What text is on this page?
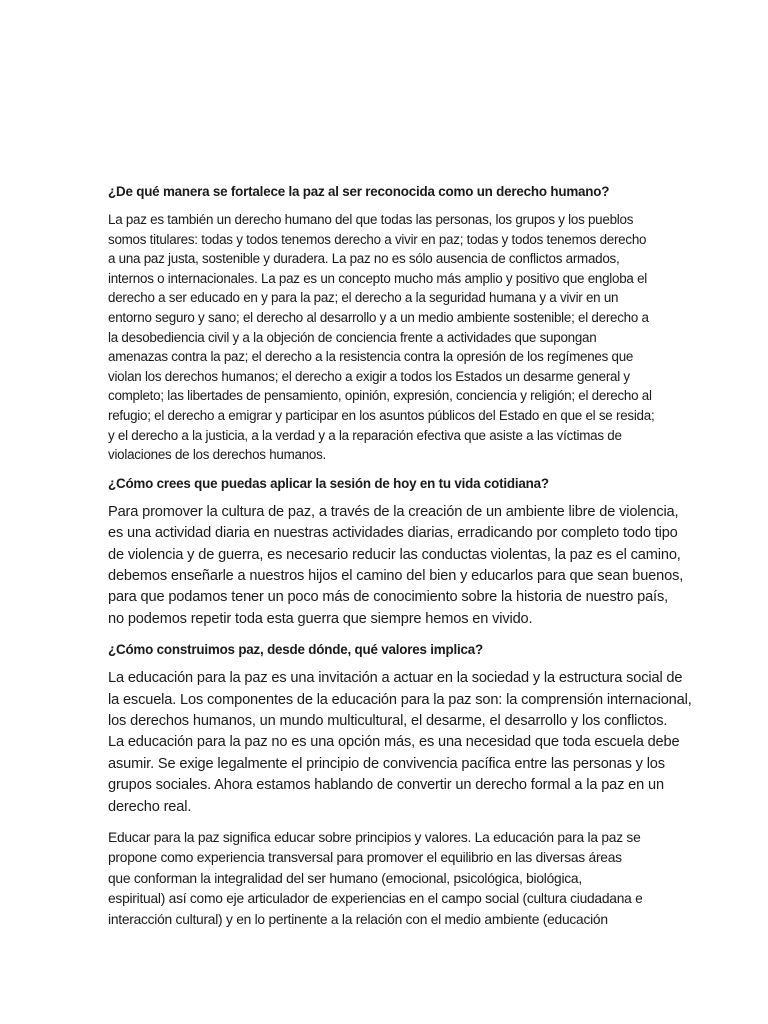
¿De qué manera se fortalece la paz al ser reconocida como un derecho humano?

La paz es también un derecho humano del que todas las personas, los grupos y los pueblos
somos titulares: todas y todos tenemos derecho a vivir en paz; todas y todos tenemos derecho
a una paz justa, sostenible y duradera. La paz no es sólo ausencia de conflictos armados,
internos o internacionales. La paz es un concepto mucho más amplio y positivo que engloba el
derecho a ser educado en y para la paz; el derecho a la seguridad humana y a vivir en un
entorno seguro y sano; el derecho al desarrollo y a un medio ambiente sostenible; el derecho a
la desobediencia civil y a la objeción de conciencia frente a actividades que supongan
amenazas contra la paz; el derecho a la resistencia contra la opresión de los regímenes que
violan los derechos humanos; el derecho a exigir a todos los Estados un desarme general y
completo; las libertades de pensamiento, opinión, expresión, conciencia y religión; el derecho al
refugio; el derecho a emigrar y participar en los asuntos públicos del Estado en que el se resida;
y el derecho a la justicia, a la verdad y a la reparación efectiva que asiste a las víctimas de
violaciones de los derechos humanos.

¿Cómo crees que puedas aplicar la sesión de hoy en tu vida cotidiana?

Para promover la cultura de paz, a través de la creación de un ambiente libre de violencia,
es una actividad diaria en nuestras actividades diarias, erradicando por completo todo tipo
de violencia y de guerra, es necesario reducir las conductas violentas, la paz es el camino,
debemos enseñarle a nuestros hijos el camino del bien y educarlos para que sean buenos,
para que podamos tener un poco más de conocimiento sobre la historia de nuestro país,
no podemos repetir toda esta guerra que siempre hemos en vivido.

¿Cómo construimos paz, desde dónde, qué valores implica?

La educación para la paz es una invitación a actuar en la sociedad y la estructura social de
la escuela. Los componentes de la educación para la paz son: la comprensión internacional,
los derechos humanos, un mundo multicultural, el desarme, el desarrollo y los conflictos.
La educación para la paz no es una opción más, es una necesidad que toda escuela debe
asumir. Se exige legalmente el principio de convivencia pacífica entre las personas y los
grupos sociales. Ahora estamos hablando de convertir un derecho formal a la paz en un
derecho real.

Educar para la paz significa educar sobre principios y valores. La educación para la paz se
propone como experiencia transversal para promover el equilibrio en las diversas áreas
que conforman la integralidad del ser humano (emocional, psicológica, biológica,
espiritual) así como eje articulador de experiencias en el campo social (cultura ciudadana e
interacción cultural) y en lo pertinente a la relación con el medio ambiente (educación
